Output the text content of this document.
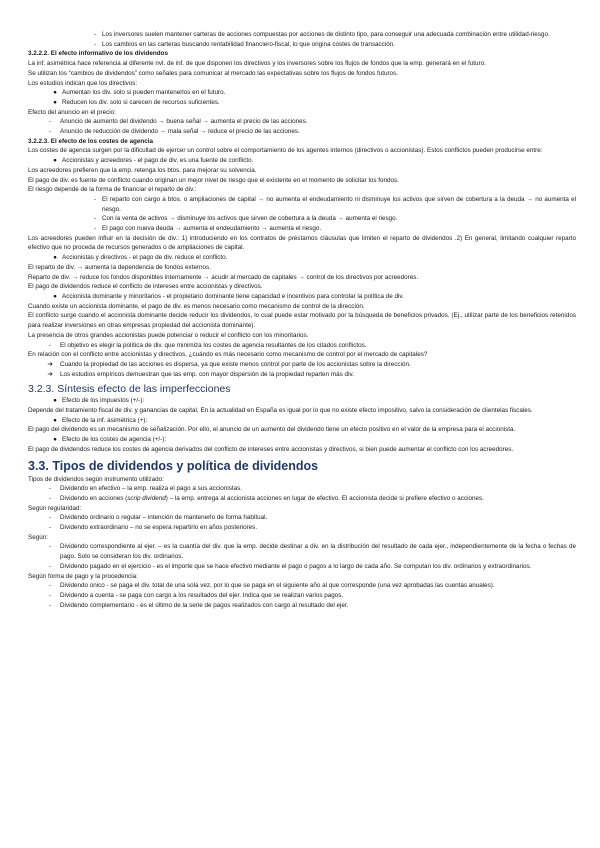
- Los inversores suelen mantener carteras de acciones compuestas por acciones de distinto tipo, para conseguir una adecuada combinación entre utilidad-riesgo.
- Los cambios en las carteras buscando rentabilidad financiero-fiscal, lo que origina costes de transacción.
3.2.2.2. El efecto informativo de los dividendos
La inf. asimétrica hace referencia al diferente nvl. de inf. de que disponen los directivos y los inversores sobre los flujos de fondos que la emp. generará en el futuro.
Se utilizan los “cambios de dividendos” como señales para comunicar al mercado las expectativas sobre los flujos de fondos futuros.
Los estudios indican que los directivos:
● Aumentan los div. solo si pueden mantenerlos en el futuro.
● Reducen los div. solo si carecen de recursos suficientes.
Efecto del anuncio en el precio:
-	Anuncio de aumento del dividendo → buena señal → aumenta el precio de las acciones.
-	Anuncio de reducción de dividendo → mala señal → reduce el precio de las acciones.
3.2.2.3. El efecto de los costes de agencia
Los costes de agencia surgen por la dificultad de ejercer un control sobre el comportamiento de los agentes internos (directivos o accionistas). Estos conflictos pueden producirse entre:
● Accionistas y acreedores - el pago de div. es una fuente de conflicto.
Los acreedores prefieren que la emp. retenga los btos. para mejorar su solvencia.
El pago de div. es fuente de conflicto cuando originan un mejor nivel de riesgo que el existente en el momento de solicitar los fondos.
El riesgo depende de la forma de financiar el reparto de div.:
- El reparto con cargo a btos. o ampliaciones de capital → no aumenta el endeudamiento ni disminuye los activos que sirven de cobertura a la deuda → no aumenta el riesgo.
- Con la venta de activos → disminuye los activos que sirven de cobertura a la deuda → aumenta el riesgo.
- El pago con nueva deuda → aumenta el endeudamiento → aumenta el riesgo.
Los acreedores pueden influir en la decisión de div.: 1) introduciendo en los contratos de préstamos cláusulas que limiten el reparto de dividendos .2) En general, limitando cualquier reparto efectivo que no proceda de recursos generados o de ampliaciones de capital.
● Accionistas y directivos - el pago de div. reduce el conflicto.
El reparto de div. → aumenta la dependencia de fondos externos.
Reparto de div. → reduce los fondos disponibles internamente → acudir al mercado de capitales → control de los directivos por acreedores.
El pago de dividendos reduce el conflicto de intereses entre accionistas y directivos.
● Accionista dominante y minoritarios - el propietario dominante tiene capacidad e incentivos para controlar la política de div.
Cuando existe un accionista dominante, el pago de div. es menos necesario como mecanismo de control de la dirección.
El conflicto surge cuando el accionista dominante decide reducir los dividendos, lo cual puede estar motivado por la búsqueda de beneficios privados. (Ej., utilizar parte de los beneficios retenidos para realizar inversiones en otras empresas propiedad del accionista dominante).
La presencia de otros grandes accionistas puede potenciar o reducir el conflicto con los minoritarios.
-	El objetivo es elegir la política de div. que minimiza los costes de agencia resultantes de los citados conflictos.
En relación con el conflicto entre accionistas y directivos, ¿cuándo es más necesario como mecanismo de control por el mercado de capitales?
➔	Cuando la propiedad de las acciones es dispersa, ya que existe menos control por parte de los accionistas sobre la dirección.
➔	Los estudios empíricos demuestran que las emp. con mayor dispersión de la propiedad reparten más div.
3.2.3. Síntesis efecto de las imperfecciones
● Efecto de los impuestos (+/-):
Depende del tratamiento fiscal de div. y ganancias de capital. En la actualidad en España es igual por lo que no existe efecto impositivo, salvo la consideración de clientelas fiscales.
● Efecto de la inf. asimétrica (+):
El pago del dividendo es un mecanismo de señalización. Por ello, el anuncio de un aumento del dividendo tiene un efecto positivo en el valor de la empresa para el accionista.
● Efecto de los costes de agencia (+/-):
El pago de dividendos reduce los costes de agencia derivados del conflicto de intereses entre accionistas y directivos, si bien puede aumentar el conflicto con los acreedores.
3.3. Tipos de dividendos y política de dividendos
Tipos de dividendos según instrumento utilizado:
-	Dividendo en efectivo – la emp. realiza el pago a sus accionistas.
-	Dividendo en acciones (scrip dividend) – la emp. entrega al accionista acciones en lugar de efectivo. El accionista decide si prefiere efectivo o acciones.
Según regularidad:
-	Dividendo ordinario o regular – intención de mantenerlo de forma habitual.
-	Dividendo extraordinario – no se espera repartirlo en años posteriores.
Según:
-	Dividendo correspondiente al ejer. – es la cuantía del div. que la emp. decide destinar a div. en la distribución del resultado de cada ejer., independientemente de la fecha o fechas de pago. Solo se consideran los div. ordinarios.
-	Dividendo pagado en el ejercicio - es el importe que se hace efectivo mediante el pago o pagos a lo largo de cada año. Se computan los div. ordinarios y extraordinarios.
Según forma de pago y la procedencia:
-	Dividendo único - se paga el div. total de una sola vez, por lo que se paga en el siguiente año al que corresponde (una vez aprobadas las cuentas anuales).
-	Dividendo a cuenta - se paga con cargo a los resultados del ejer. Indica que se realizan varios pagos.
-	Dividendo complementario - es el último de la serie de pagos realizados con cargo al resultado del ejer.
